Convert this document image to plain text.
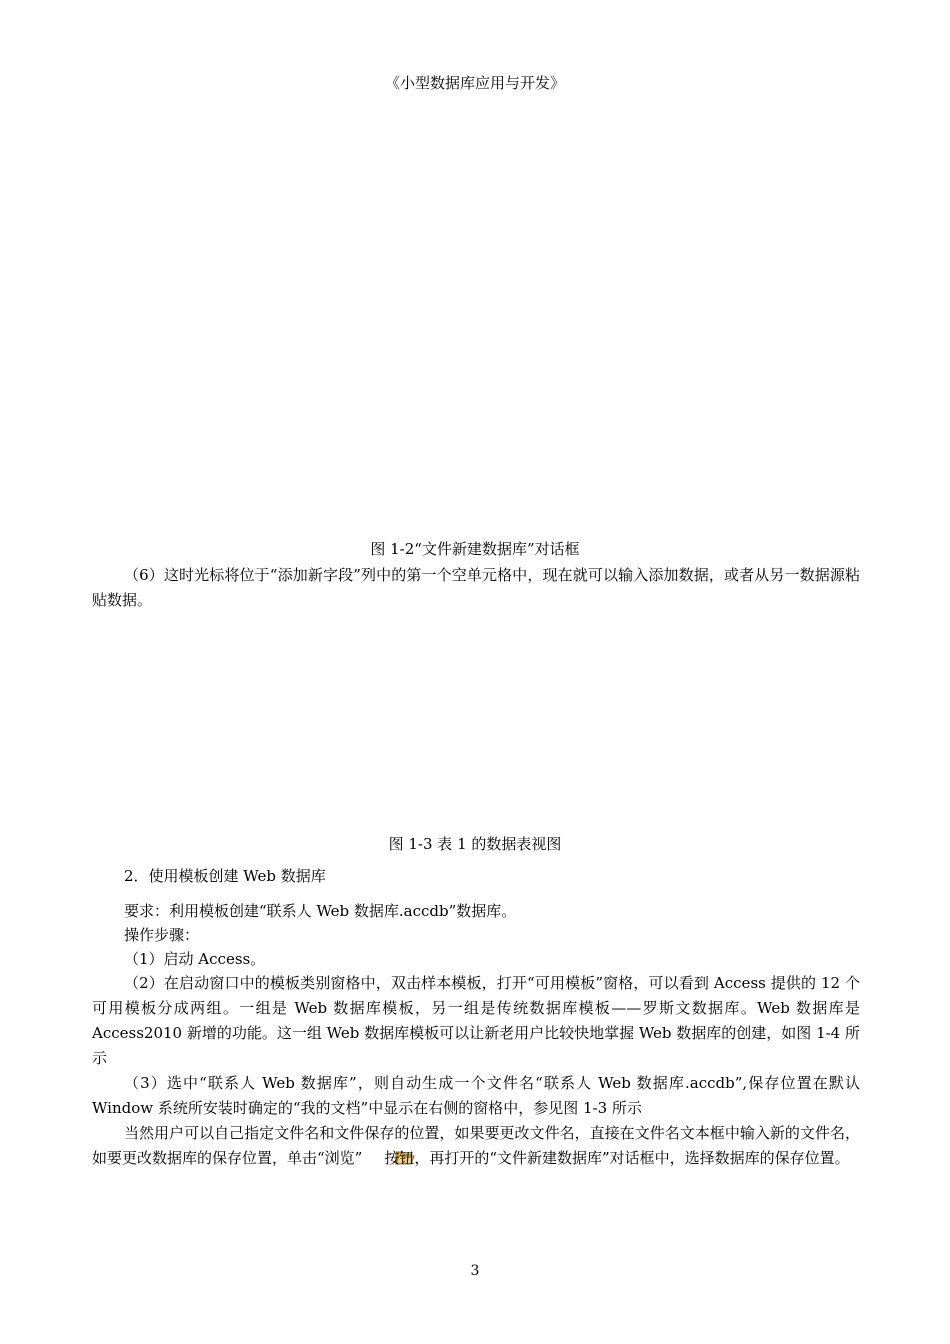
《小型数据库应用与开发》
图 1-2“文件新建数据库”对话框
（6）这时光标将位于“添加新字段”列中的第一个空单元格中，现在就可以输入添加数据，或者从另一数据源粘贴数据。
图 1-3 表 1 的数据表视图
2．使用模板创建 Web 数据库
要求：利用模板创建“联系人 Web 数据库.accdb”数据库。
操作步骤：
（1）启动 Access。
（2）在启动窗口中的模板类别窗格中，双击样本模板，打开“可用模板”窗格，可以看到 Access 提供的 12 个可用模板分成两组。一组是 Web 数据库模板，另一组是传统数据库模板——罗斯文数据库。Web 数据库是 Access2010 新增的功能。这一组 Web 数据库模板可以让新老用户比较快地掌握 Web 数据库的创建，如图 1-4 所示
（3）选中“联系人 Web 数据库”，则自动生成一个文件名“联系人 Web 数据库.accdb”,保存位置在默认 Window 系统所安装时确定的“我的文档”中显示在右侧的窗格中，参见图 1-3 所示
当然用户可以自己指定文件名和文件保存的位置，如果要更改文件名，直接在文件名文本框中输入新的文件名，如要更改数据库的保存位置，单击“浏览” 按钮，再打开的“文件新建数据库”对话框中，选择数据库的保存位置。
3
